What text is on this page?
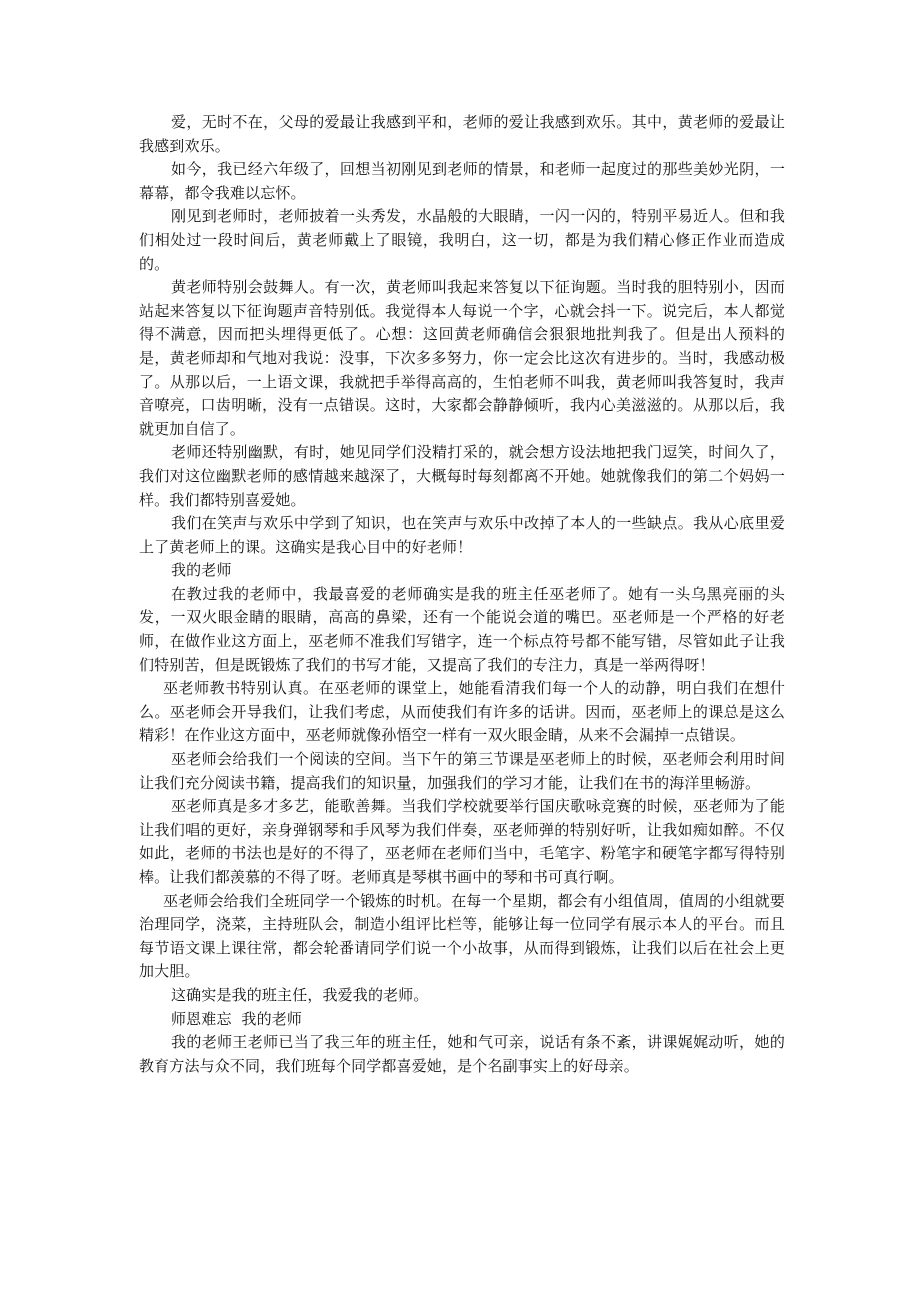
爱，无时不在，父母的爱最让我感到平和，老师的爱让我感到欢乐。其中，黄老师的爱最让我感到欢乐。

如今，我已经六年级了，回想当初刚见到老师的情景，和老师一起度过的那些美妙光阴，一幕幕，都令我难以忘怀。

刚见到老师时，老师披着一头秀发，水晶般的大眼睛，一闪一闪的，特别平易近人。但和我们相处过一段时间后，黄老师戴上了眼镜，我明白，这一切，都是为我们精心修正作业而造成的。

黄老师特别会鼓舞人。有一次，黄老师叫我起来答复以下征询题。当时我的胆特别小，因而站起来答复以下征询题声音特别低。我觉得本人每说一个字，心就会抖一下。说完后，本人都觉得不满意，因而把头埋得更低了。心想：这回黄老师确信会狠狠地批判我了。但是出人预料的是，黄老师却和气地对我说：没事，下次多多努力，你一定会比这次有进步的。当时，我感动极了。从那以后，一上语文课，我就把手举得高高的，生怕老师不叫我，黄老师叫我答复时，我声音嘹亮，口齿明晰，没有一点错误。这时，大家都会静静倾听，我内心美滋滋的。从那以后，我就更加自信了。

老师还特别幽默，有时，她见同学们没精打采的，就会想方设法地把我门逗笑，时间久了，我们对这位幽默老师的感情越来越深了，大概每时每刻都离不开她。她就像我们的第二个妈妈一样。我们都特别喜爱她。

我们在笑声与欢乐中学到了知识，也在笑声与欢乐中改掉了本人的一些缺点。我从心底里爱上了黄老师上的课。这确实是我心目中的好老师！

我的老师

在教过我的老师中，我最喜爱的老师确实是我的班主任巫老师了。她有一头乌黑亮丽的头发，一双火眼金睛的眼睛，高高的鼻梁，还有一个能说会道的嘴巴。巫老师是一个严格的好老师，在做作业这方面上，巫老师不准我们写错字，连一个标点符号都不能写错，尽管如此子让我们特别苦，但是既锻炼了我们的书写才能，又提高了我们的专注力，真是一举两得呀！

巫老师教书特别认真。在巫老师的课堂上，她能看清我们每一个人的动静，明白我们在想什么。巫老师会开导我们，让我们考虑，从而使我们有许多的话讲。因而，巫老师上的课总是这么精彩！在作业这方面中，巫老师就像孙悟空一样有一双火眼金睛，从来不会漏掉一点错误。

巫老师会给我们一个阅读的空间。当下午的第三节课是巫老师上的时候，巫老师会利用时间让我们充分阅读书籍，提高我们的知识量，加强我们的学习才能，让我们在书的海洋里畅游。

巫老师真是多才多艺，能歌善舞。当我们学校就要举行国庆歌咏竞赛的时候，巫老师为了能让我们唱的更好，亲身弹钢琴和手风琴为我们伴奏，巫老师弹的特别好听，让我如痴如醉。不仅如此，老师的书法也是好的不得了，巫老师在老师们当中，毛笔字、粉笔字和硬笔字都写得特别棒。让我们都羡慕的不得了呀。老师真是琴棋书画中的琴和书可真行啊。

巫老师会给我们全班同学一个锻炼的时机。在每一个星期，都会有小组值周，值周的小组就要治理同学，浇菜，主持班队会，制造小组评比栏等，能够让每一位同学有展示本人的平台。而且每节语文课上课往常，都会轮番请同学们说一个小故事，从而得到锻炼，让我们以后在社会上更加大胆。

这确实是我的班主任，我爱我的老师。

师恩难忘  我的老师

我的老师王老师已当了我三年的班主任，她和气可亲，说话有条不紊，讲课娓娓动听，她的教育方法与众不同，我们班每个同学都喜爱她，是个名副事实上的好母亲。
